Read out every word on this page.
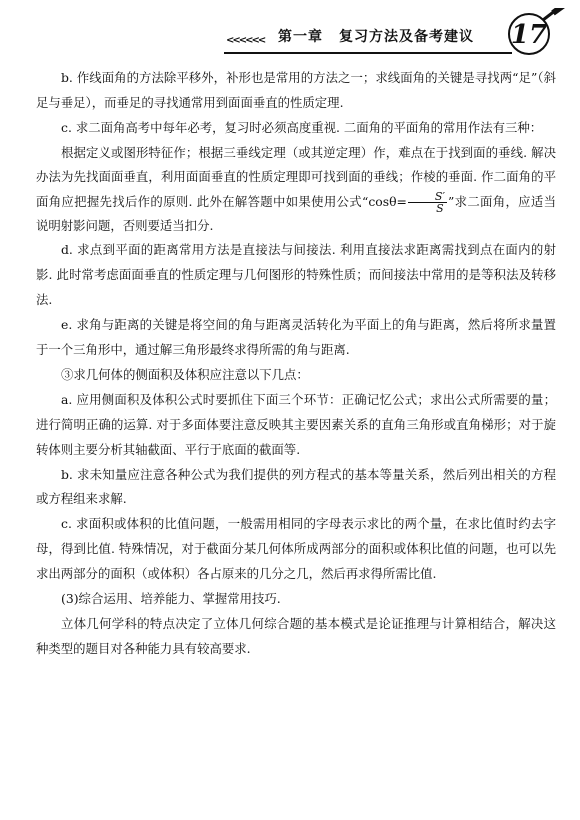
<<<<<< 第一章 复习方法及备考建议 17

b. 作线面角的方法除平移外，补形也是常用的方法之一；求线面角的关键是寻找两“足”（斜足与垂足），而垂足的寻找通常用到面面垂直的性质定理.

c. 求二面角高考中每年必考，复习时必须高度重视. 二面角的平面角的常用作法有三种：

根据定义或图形特征作；根据三垂线定理（或其逆定理）作，难点在于找到面的垂线. 解决办法为先找面面垂直，利用面面垂直的性质定理即可找到面的垂线；作棱的垂面. 作二面角的平面角应把握先找后作的原则. 此外在解答题中如果使用公式“$\cos\theta= \frac{S'}{S}$ ”求二面角，应适当说明射影问题，否则要适当扣分.

d. 求点到平面的距离常用方法是直接法与间接法. 利用直接法求距离需找到点在面内的射影. 此时常考虑面面垂直的性质定理与几何图形的特殊性质；而间接法中常用的是等积法及转移法.

e. 求角与距离的关键是将空间的角与距离灵活转化为平面上的角与距离，然后将所求量置于一个三角形中，通过解三角形最终求得所需的角与距离.

③求几何体的侧面积及体积应注意以下几点：

a. 应用侧面积及体积公式时要抓住下面三个环节：正确记忆公式；求出公式所需要的量；进行简明正确的运算. 对于多面体要注意反映其主要因素关系的直角三角形或直角梯形；对于旋转体则主要分析其轴截面、平行于底面的截面等.

b. 求未知量应注意各种公式为我们提供的列方程式的基本等量关系，然后列出相关的方程或方程组来求解.

c. 求面积或体积的比值问题，一般需用相同的字母表示求比的两个量，在求比值时约去字母，得到比值. 特殊情况，对于截面分某几何体所成两部分的面积或体积比值的问题，也可以先求出两部分的面积（或体积）各占原来的几分之几，然后再求得所需比值.

(3)综合运用、培养能力、掌握常用技巧.

立体几何学科的特点决定了立体几何综合题的基本模式是论证推理与计算相结合，解决这种类型的题目对各种能力具有较高要求.
